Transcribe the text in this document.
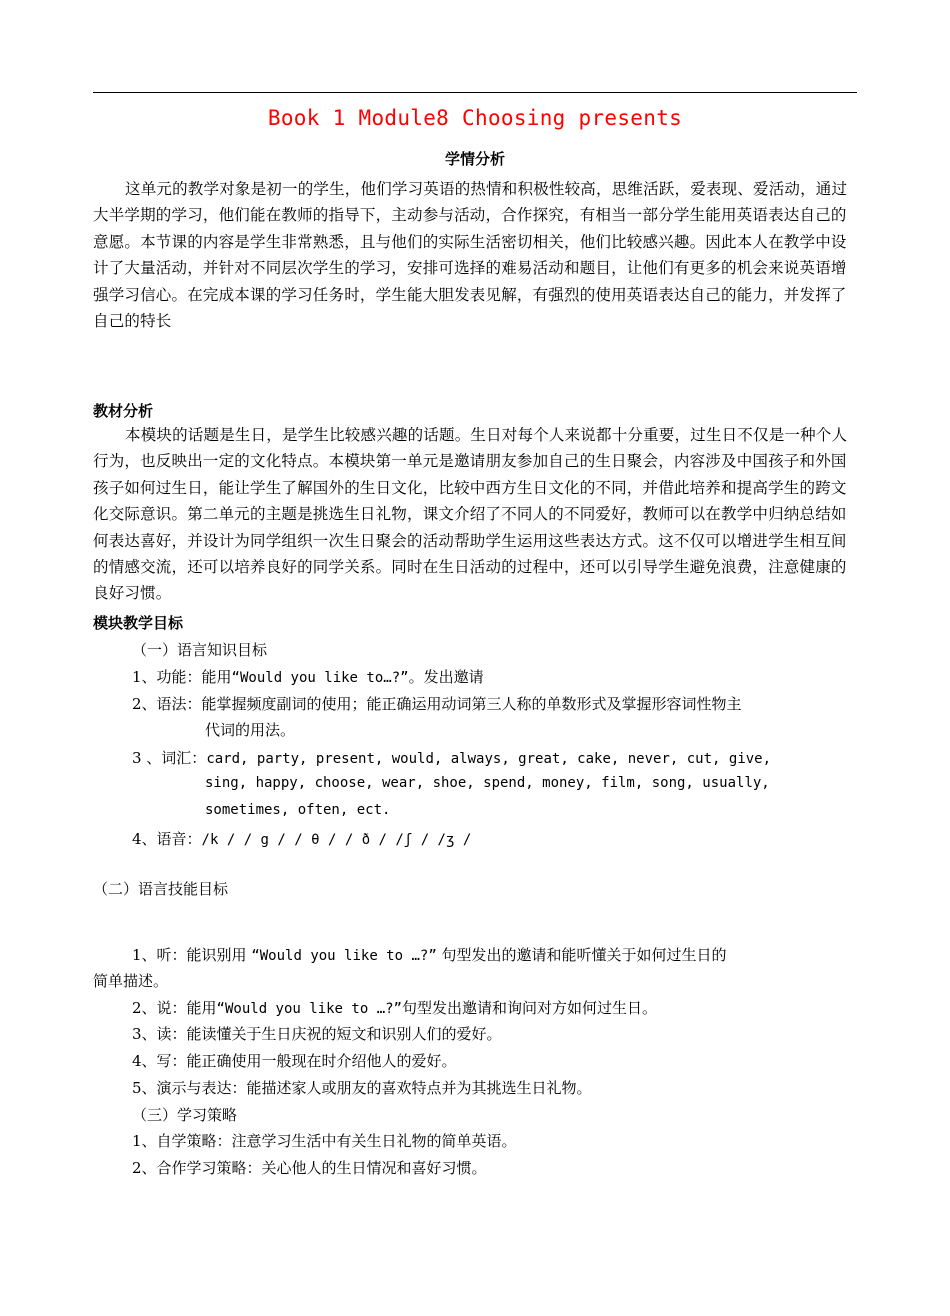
Book 1 Module8 Choosing presents
学情分析
这单元的教学对象是初一的学生，他们学习英语的热情和积极性较高，思维活跃，爱表现、爱活动，通过大半学期的学习，他们能在教师的指导下，主动参与活动，合作探究，有相当一部分学生能用英语表达自己的意愿。本节课的内容是学生非常熟悉，且与他们的实际生活密切相关，他们比较感兴趣。因此本人在教学中设计了大量活动，并针对不同层次学生的学习，安排可选择的难易活动和题目，让他们有更多的机会来说英语增强学习信心。在完成本课的学习任务时，学生能大胆发表见解，有强烈的使用英语表达自己的能力，并发挥了自己的特长
教材分析
本模块的话题是生日，是学生比较感兴趣的话题。生日对每个人来说都十分重要，过生日不仅是一种个人行为，也反映出一定的文化特点。本模块第一单元是邀请朋友参加自己的生日聚会，内容涉及中国孩子和外国孩子如何过生日，能让学生了解国外的生日文化，比较中西方生日文化的不同，并借此培养和提高学生的跨文化交际意识。第二单元的主题是挑选生日礼物，课文介绍了不同人的不同爱好，教师可以在教学中归纳总结如何表达喜好，并设计为同学组织一次生日聚会的活动帮助学生运用这些表达方式。这不仅可以增进学生相互间的情感交流，还可以培养良好的同学关系。同时在生日活动的过程中，还可以引导学生避免浪费，注意健康的良好习惯。
模块教学目标
（一）语言知识目标
1、功能：能用“Would you like to…?”。发出邀请
2、语法：能掌握频度副词的使用；能正确运用动词第三人称的单数形式及掌握形容词性物主
代词的用法。
3 、词汇：card, party, present, would, always, great, cake, never, cut, give,
sing, happy, choose, wear, shoe, spend, money, film, song, usually,
sometimes, often, ect.
4、语音：/k / / g / / θ / / ð / /ʃ / /ʒ /
（二）语言技能目标
1、听：能识别用 “Would you like to …?” 句型发出的邀请和能听懂关于如何过生日的
简单描述。
2、说：能用“Would you like to …?”句型发出邀请和询问对方如何过生日。
3、读：能读懂关于生日庆祝的短文和识别人们的爱好。
4、写：能正确使用一般现在时介绍他人的爱好。
5、演示与表达：能描述家人或朋友的喜欢特点并为其挑选生日礼物。
（三）学习策略
1、自学策略：注意学习生活中有关生日礼物的简单英语。
2、合作学习策略：关心他人的生日情况和喜好习惯。
